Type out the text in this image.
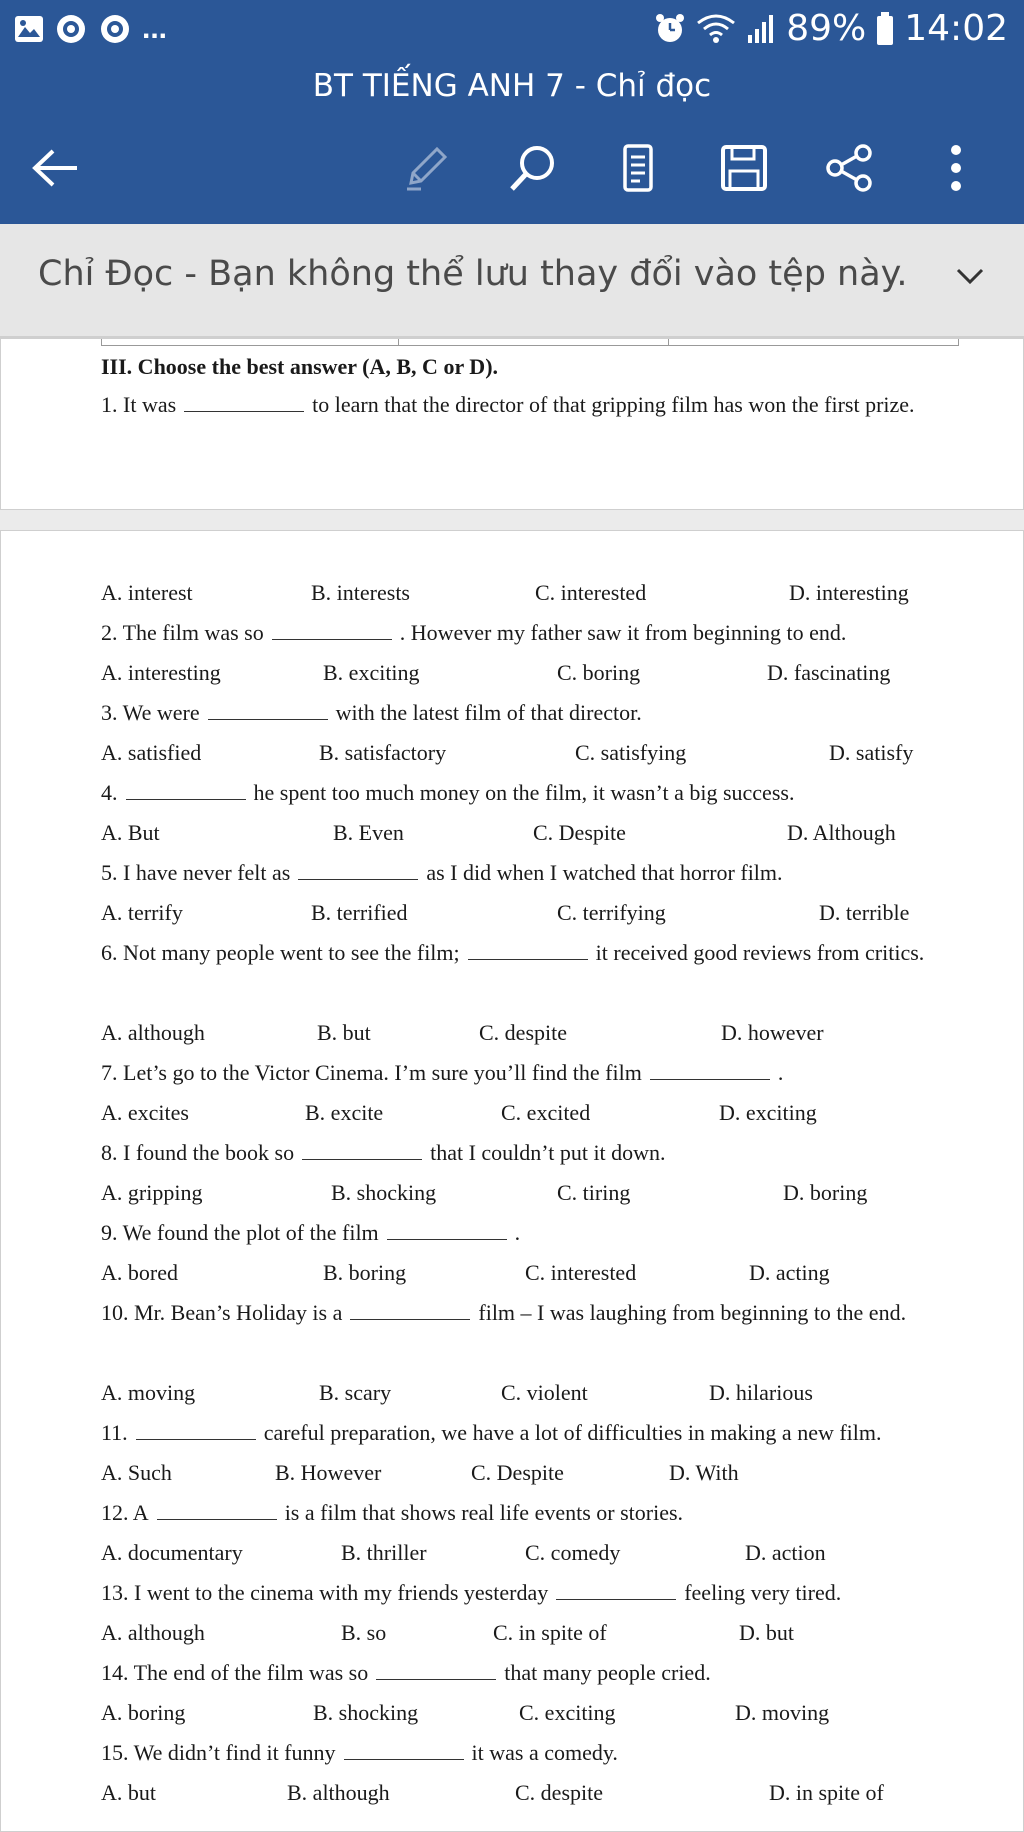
...	89% 14:02
BT TIẾNG ANH 7 - Chỉ đọc
Chỉ Đọc - Bạn không thể lưu thay đổi vào tệp này.
III. Choose the best answer (A, B, C or D).
1. It was	to learn that the director of that gripping film has won the first prize.
A. interest	B. interests	C. interested	D. interesting
2. The film was so	. However my father saw it from beginning to end.
A. interesting	B. exciting	C. boring	D. fascinating
3. We were	with the latest film of that director.
A. satisfied	B. satisfactory	C. satisfying	D. satisfy
4.	he spent too much money on the film, it wasn’t a big success.
A. But	B. Even	C. Despite	D. Although
5. I have never felt as	as I did when I watched that horror film.
A. terrify	B. terrified	C. terrifying	D. terrible
6. Not many people went to see the film;	it received good reviews from critics.
A. although	B. but	C. despite	D. however
7. Let’s go to the Victor Cinema. I’m sure you’ll find the film	.
A. excites	B. excite	C. excited	D. exciting
8. I found the book so	that I couldn’t put it down.
A. gripping	B. shocking	C. tiring	D. boring
9. We found the plot of the film	.
A. bored	B. boring	C. interested	D. acting
10. Mr. Bean’s Holiday is a	film – I was laughing from beginning to the end.
A. moving	B. scary	C. violent	D. hilarious
11.	careful preparation, we have a lot of difficulties in making a new film.
A. Such	B. However	C. Despite	D. With
12. A	is a film that shows real life events or stories.
A. documentary	B. thriller	C. comedy	D. action
13. I went to the cinema with my friends yesterday	feeling very tired.
A. although	B. so	C. in spite of	D. but
14. The end of the film was so	that many people cried.
A. boring	B. shocking	C. exciting	D. moving
15. We didn’t find it funny	it was a comedy.
A. but	B. although	C. despite	D. in spite of
